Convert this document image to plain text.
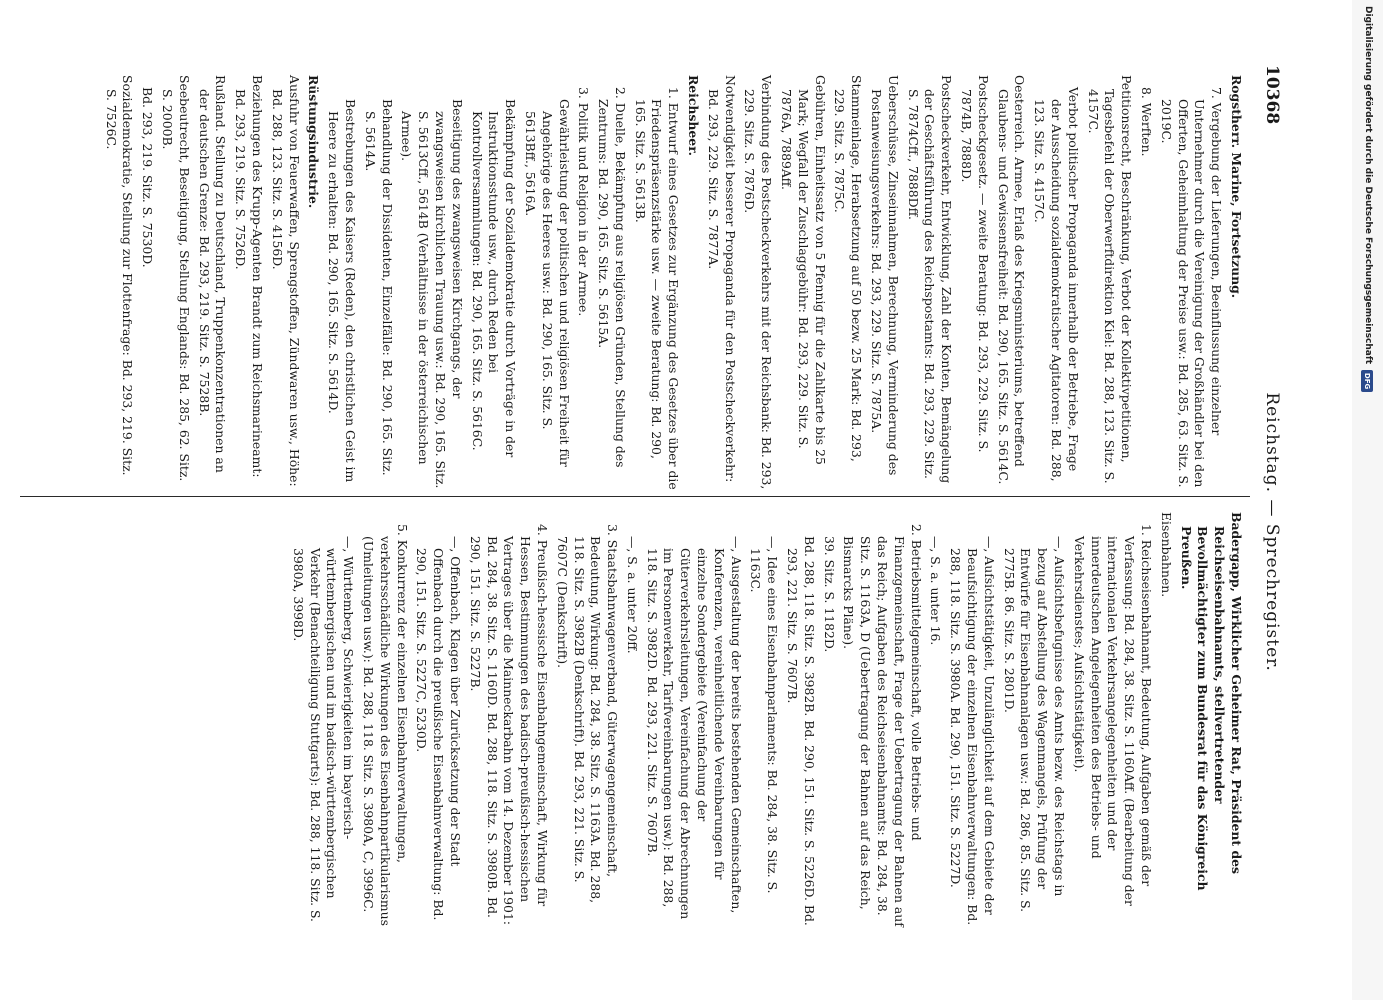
10368
Reichstag. — Sprechregister.

Rogstherr. Marine, Fortsetzung.

7. Vergebung der Lieferungen, Beeinflussung einzelner Unternehmer durch die Vereinigung der Großhändler bei den Offerten, Geheimhaltung der Preise usw.: Bd. 285, 63. Sitz. S. 2019C.

8. Werften.

Petitionsrecht, Beschränkung, Verbot der Kollektivpetitionen, Tagesbefehl der Oberwerftdirektion Kiel: Bd. 288, 123. Sitz. S. 4157C.

Verbot politischer Propaganda innerhalb der Betriebe, Frage der Ausscheidung sozialdemokratischer Agitatoren: Bd. 288, 123. Sitz. S. 4157C.

Oesterreich. Armee, Erlaß des Kriegsministeriums, betreffend Glaubens- und Gewissensfreiheit: Bd. 290, 165. Sitz. S. 5614C.

Postscheckgesetz. — zweite Beratung: Bd. 293, 229. Sitz. S. 7874B, 7888D.

Postscheckverkehr, Entwicklung, Zahl der Konten, Bemängelung der Geschäftsführung des Reichspostamts: Bd. 293, 229. Sitz. S. 7874Cff., 7888Dff.

Ueberschüsse, Zinseinnahmen, Berechnung, Verminderung des Postanweisungsverkehrs: Bd. 293, 229. Sitz. S. 7875A.

Stammeinlage, Herabsetzung auf 50 bezw. 25 Mark: Bd. 293, 229. Sitz. S. 7875C.

Gebühren, Einheitssatz von 5 Pfennig für die Zahlkarte bis 25 Mark; Wegfall der Zuschlaggebühr: Bd. 293, 229. Sitz. S. 7876A, 7889Aff.

Verbindung des Postscheckverkehrs mit der Reichsbank: Bd. 293, 229. Sitz. S. 7876D.

Notwendigkeit besserer Propaganda für den Postscheckverkehr: Bd. 293, 229. Sitz. S. 7877A.

Reichsheer.

1. Entwurf eines Gesetzes zur Ergänzung des Gesetzes über die Friedenspräsenzstärke usw. — zweite Beratung: Bd. 290, 165. Sitz. S. 5613B.

2. Duelle, Bekämpfung aus religiösen Gründen, Stellung des Zentrums: Bd. 290, 165. Sitz. S. 5615A.

3. Politik und Religion in der Armee.

Gewährleistung der politischen und religiösen Freiheit für Angehörige des Heeres usw.: Bd. 290, 165. Sitz. S. 5613Bff., 5616A.

Bekämpfung der Sozialdemokratie durch Vorträge in der Instruktionsstunde usw., durch Reden bei Kontrollversammlungen: Bd. 290, 165. Sitz. S. 5616C.

Beseitigung des zwangsweisen Kirchgangs, der zwangsweisen kirchlichen Trauung usw.: Bd. 290, 165. Sitz. S. 5613Cff., 5614B (Verhältnisse in der österreichischen Armee).

Behandlung der Dissidenten, Einzelfälle: Bd. 290, 165. Sitz. S. 5614A.

Bestrebungen des Kaisers (Reden), den christlichen Geist im Heere zu erhalten: Bd. 290, 165. Sitz. S. 5614D.

Rüstungsindustrie.

Ausfuhr von Feuerwaffen, Sprengstoffen, Zündwaren usw., Höhe: Bd. 288, 123. Sitz. S. 4156D.

Beziehungen des Krupp-Agenten Brandt zum Reichsmarineamt: Bd. 293, 219. Sitz. S. 7526D.

Rußland. Stellung zu Deutschland, Truppenkonzentrationen an der deutschen Grenze: Bd. 293, 219. Sitz. S. 7528B.

Seebeutrecht, Beseitigung, Stellung Englands: Bd. 285, 62. Sitz. S. 2000B.

Bd. 293, 219. Sitz. S. 7530D.

Sozialdemokratie, Stellung zur Flottenfrage: Bd. 293, 219. Sitz. S. 7526C.

Badergapp, Wirklicher Geheimer Rat, Präsident des Reichseisenbahnamts, stellvertretender Bevollmächtigter zum Bundesrat für das Königreich Preußen.

Eisenbahnen.

1. Reichseisenbahnamt, Bedeutung, Aufgaben gemäß der Verfassung: Bd. 284, 38. Sitz. S. 1160Aff. (Bearbeitung der internationalen Verkehrsangelegenheiten und der innerdeutschen Angelegenheiten des Betriebs- und Verkehrsdienstes; Aufsichtstätigkeit).

—, Aufsichtsbefugnisse des Amts bezw. des Reichstags in bezug auf Abstellung des Wagenmangels, Prüfung der Entwürfe für Eisenbahnanlagen usw.: Bd. 286, 85. Sitz. S. 2775B. 86. Sitz. S. 2801D.

—, Aufsichtstätigkeit, Unzulänglichkeit auf dem Gebiete der Beaufsichtigung der einzelnen Eisenbahnverwaltungen: Bd. 288, 118. Sitz. S. 3980A. Bd. 290, 151. Sitz. S. 5227D.

—, S. a. unter 16.

2. Betriebsmittelgemeinschaft, volle Betriebs- und Finanzgemeinschaft, Frage der Uebertragung der Bahnen auf das Reich; Aufgaben des Reichseisenbahnamts: Bd. 284, 38. Sitz. S. 1163A, D (Uebertragung der Bahnen auf das Reich, Bismarcks Pläne).

39. Sitz. S. 1182D.

Bd. 288, 118. Sitz. S. 3982B. Bd. 290, 151. Sitz. S. 5226D. Bd. 293, 221. Sitz. S. 7607B.

—, Idee eines Eisenbahnparlaments: Bd. 284, 38. Sitz. S. 1163C.

—, Ausgestaltung der bereits bestehenden Gemeinschaften, Konferenzen, vereinheitlichende Vereinbarungen für einzelne Sondergebiete (Vereinfachung der Güterverkehrsleitungen, Vereinfachung der Abrechnungen im Personenverkehr, Tarifvereinbarungen usw.): Bd. 288, 118. Sitz. S. 3982D. Bd. 293, 221. Sitz. S. 7607B.

—, S. a. unter 20ff.

3. Staatsbahnwagenverband, Güterwagengemeinschaft, Bedeutung, Wirkung: Bd. 284, 38. Sitz. S. 1163A. Bd. 288, 118. Sitz. S. 3982B (Denkschrift). Bd. 293, 221. Sitz. S. 7607C (Denkschrift).

4. Preußisch-hessische Eisenbahngemeinschaft, Wirkung für Hessen, Bestimmungen des badisch-preußisch-hessischen Vertrages über die Mainneckarbahn vom 14. Dezember 1901: Bd. 284, 38. Sitz. S. 1160D. Bd. 288, 118. Sitz. S. 3980B. Bd. 290, 151. Sitz. S. 5227B.

—, Offenbach, Klagen über Zurücksetzung der Stadt Offenbach durch die preußische Eisenbahnverwaltung: Bd. 290, 151. Sitz. S. 5227C, 5230D.

5. Konkurrenz der einzelnen Eisenbahnverwaltungen, verkehrsschädliche Wirkungen des Eisenbahnpartikularismus (Umleitungen usw.): Bd. 288, 118. Sitz. S. 3980A, C, 3996C.

—, Württemberg, Schwierigkeiten im bayerisch-württembergischen und im badisch-württembergischen Verkehr (Benachteiligung Stuttgarts): Bd. 288, 118. Sitz. S. 3980A, 3998D.

Digitalisierung gefördert durch die Deutsche Forschungsgemeinschaft
DFG
